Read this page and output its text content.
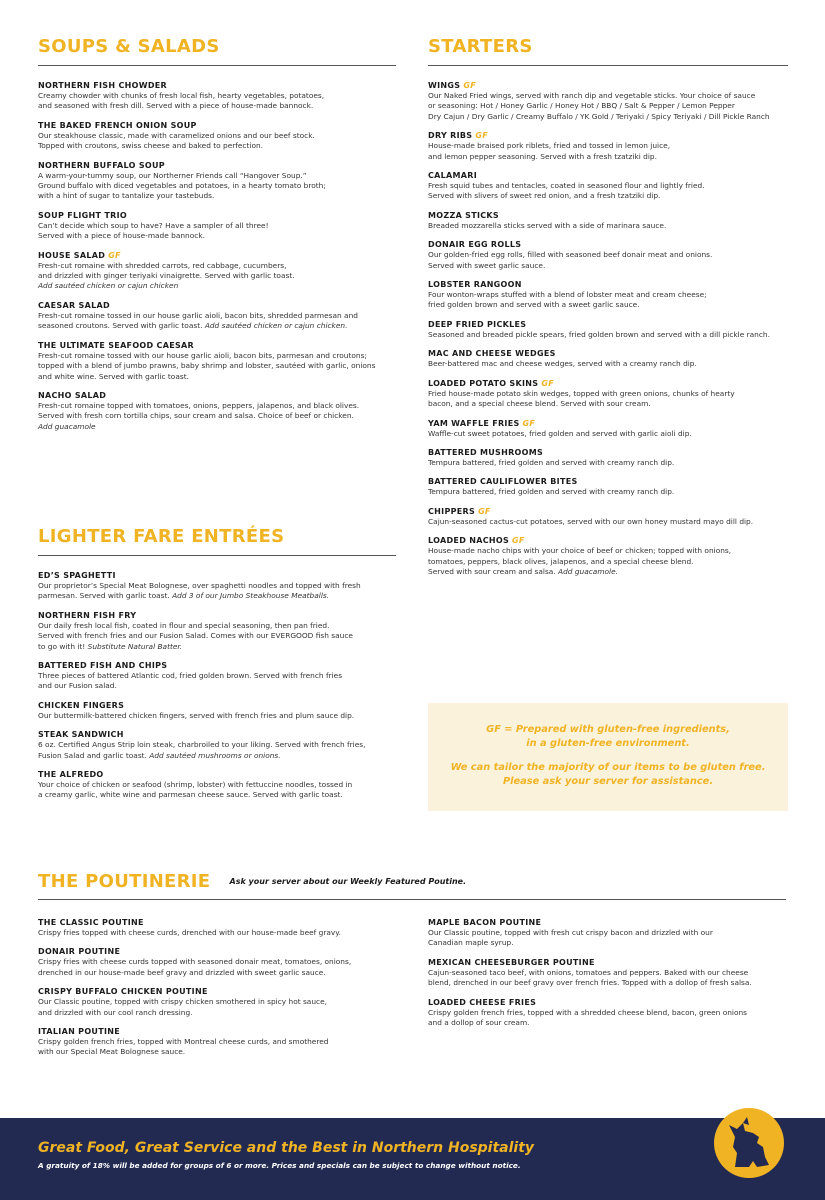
SOUPS & SALADS
NORTHERN FISH CHOWDER
Creamy chowder with chunks of fresh local fish, hearty vegetables, potatoes,
and seasoned with fresh dill. Served with a piece of house-made bannock.
THE BAKED FRENCH ONION SOUP
Our steakhouse classic, made with caramelized onions and our beef stock.
Topped with croutons, swiss cheese and baked to perfection.
NORTHERN BUFFALO SOUP
A warm-your-tummy soup, our Northerner Friends call “Hangover Soup.”
Ground buffalo with diced vegetables and potatoes, in a hearty tomato broth;
with a hint of sugar to tantalize your tastebuds.
SOUP FLIGHT TRIO
Can’t decide which soup to have? Have a sampler of all three!
Served with a piece of house-made bannock.
HOUSE SALAD GF
Fresh-cut romaine with shredded carrots, red cabbage, cucumbers,
and drizzled with ginger teriyaki vinaigrette. Served with garlic toast.
Add sautéed chicken or cajun chicken
CAESAR SALAD
Fresh-cut romaine tossed in our house garlic aioli, bacon bits, shredded parmesan and
seasoned croutons. Served with garlic toast. Add sautéed chicken or cajun chicken.
THE ULTIMATE SEAFOOD CAESAR
Fresh-cut romaine tossed with our house garlic aioli, bacon bits, parmesan and croutons;
topped with a blend of jumbo prawns, baby shrimp and lobster, sautéed with garlic, onions
and white wine. Served with garlic toast.
NACHO SALAD
Fresh-cut romaine topped with tomatoes, onions, peppers, jalapenos, and black olives.
Served with fresh corn tortilla chips, sour cream and salsa. Choice of beef or chicken.
Add guacamole
LIGHTER FARE ENTRÉES
ED’S SPAGHETTI
Our proprietor’s Special Meat Bolognese, over spaghetti noodles and topped with fresh
parmesan. Served with garlic toast. Add 3 of our Jumbo Steakhouse Meatballs.
NORTHERN FISH FRY
Our daily fresh local fish, coated in flour and special seasoning, then pan fried.
Served with french fries and our Fusion Salad. Comes with our EVERGOOD fish sauce
to go with it! Substitute Natural Batter.
BATTERED FISH AND CHIPS
Three pieces of battered Atlantic cod, fried golden brown. Served with french fries
and our Fusion salad.
CHICKEN FINGERS
Our buttermilk-battered chicken fingers, served with french fries and plum sauce dip.
STEAK SANDWICH
6 oz. Certified Angus Strip loin steak, charbroiled to your liking. Served with french fries,
Fusion Salad and garlic toast. Add sautéed mushrooms or onions.
THE ALFREDO
Your choice of chicken or seafood (shrimp, lobster) with fettuccine noodles, tossed in
a creamy garlic, white wine and parmesan cheese sauce. Served with garlic toast.
STARTERS
WINGS GF
Our Naked Fried wings, served with ranch dip and vegetable sticks. Your choice of sauce
or seasoning: Hot / Honey Garlic / Honey Hot / BBQ / Salt & Pepper / Lemon Pepper
Dry Cajun / Dry Garlic / Creamy Buffalo / YK Gold / Teriyaki / Spicy Teriyaki / Dill Pickle Ranch
DRY RIBS GF
House-made braised pork riblets, fried and tossed in lemon juice,
and lemon pepper seasoning. Served with a fresh tzatziki dip.
CALAMARI
Fresh squid tubes and tentacles, coated in seasoned flour and lightly fried.
Served with slivers of sweet red onion, and a fresh tzatziki dip.
MOZZA STICKS
Breaded mozzarella sticks served with a side of marinara sauce.
DONAIR EGG ROLLS
Our golden-fried egg rolls, filled with seasoned beef donair meat and onions.
Served with sweet garlic sauce.
LOBSTER RANGOON
Four wonton-wraps stuffed with a blend of lobster meat and cream cheese;
fried golden brown and served with a sweet garlic sauce.
DEEP FRIED PICKLES
Seasoned and breaded pickle spears, fried golden brown and served with a dill pickle ranch.
MAC AND CHEESE WEDGES
Beer-battered mac and cheese wedges, served with a creamy ranch dip.
LOADED POTATO SKINS GF
Fried house-made potato skin wedges, topped with green onions, chunks of hearty
bacon, and a special cheese blend. Served with sour cream.
YAM WAFFLE FRIES GF
Waffle-cut sweet potatoes, fried golden and served with garlic aioli dip.
BATTERED MUSHROOMS
Tempura battered, fried golden and served with creamy ranch dip.
BATTERED CAULIFLOWER BITES
Tempura battered, fried golden and served with creamy ranch dip.
CHIPPERS GF
Cajun-seasoned cactus-cut potatoes, served with our own honey mustard mayo dill dip.
LOADED NACHOS GF
House-made nacho chips with your choice of beef or chicken; topped with onions,
tomatoes, peppers, black olives, jalapenos, and a special cheese blend.
Served with sour cream and salsa. Add guacamole.
GF = Prepared with gluten-free ingredients,
in a gluten-free environment.
We can tailor the majority of our items to be gluten free.
Please ask your server for assistance.
THE POUTINERIE Ask your server about our Weekly Featured Poutine.
THE CLASSIC POUTINE
Crispy fries topped with cheese curds, drenched with our house-made beef gravy.
DONAIR POUTINE
Crispy fries with cheese curds topped with seasoned donair meat, tomatoes, onions,
drenched in our house-made beef gravy and drizzled with sweet garlic sauce.
CRISPY BUFFALO CHICKEN POUTINE
Our Classic poutine, topped with crispy chicken smothered in spicy hot sauce,
and drizzled with our cool ranch dressing.
ITALIAN POUTINE
Crispy golden french fries, topped with Montreal cheese curds, and smothered
with our Special Meat Bolognese sauce.
MAPLE BACON POUTINE
Our Classic poutine, topped with fresh cut crispy bacon and drizzled with our
Canadian maple syrup.
MEXICAN CHEESEBURGER POUTINE
Cajun-seasoned taco beef, with onions, tomatoes and peppers. Baked with our cheese
blend, drenched in our beef gravy over french fries. Topped with a dollop of fresh salsa.
LOADED CHEESE FRIES
Crispy golden french fries, topped with a shredded cheese blend, bacon, green onions
and a dollop of sour cream.
Great Food, Great Service and the Best in Northern Hospitality
A gratuity of 18% will be added for groups of 6 or more. Prices and specials can be subject to change without notice.
